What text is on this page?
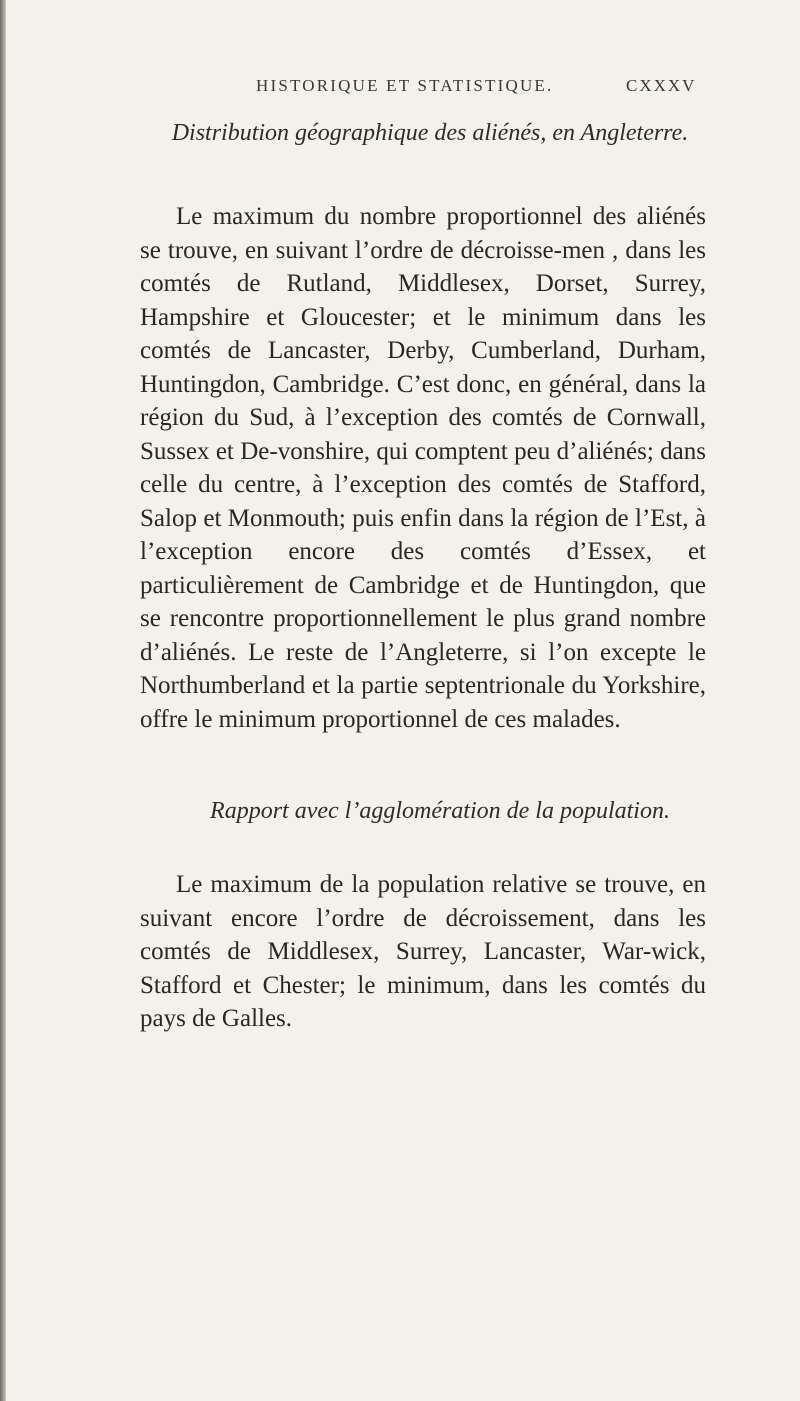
HISTORIQUE ET STATISTIQUE.	CXXXV
Distribution géographique des aliénés, en Angleterre.

Le maximum du nombre proportionnel des aliénés se trouve, en suivant l’ordre de décroisse-men , dans les comtés de Rutland, Middlesex, Dorset, Surrey, Hampshire et Gloucester; et le minimum dans les comtés de Lancaster, Derby, Cumberland, Durham, Huntingdon, Cambridge. C’est donc, en général, dans la région du Sud, à l’exception des comtés de Cornwall, Sussex et De-vonshire, qui comptent peu d’aliénés; dans celle du centre, à l’exception des comtés de Stafford, Salop et Monmouth; puis enfin dans la région de l’Est, à l’exception encore des comtés d’Essex, et particulièrement de Cambridge et de Huntingdon, que se rencontre proportionnellement le plus grand nombre d’aliénés. Le reste de l’Angleterre, si l’on excepte le Northumberland et la partie septentrionale du Yorkshire, offre le minimum proportionnel de ces malades.

Rapport avec l’agglomération de la population.

Le maximum de la population relative se trouve, en suivant encore l’ordre de décroissement, dans les comtés de Middlesex, Surrey, Lancaster, War-wick, Stafford et Chester; le minimum, dans les comtés du pays de Galles.
